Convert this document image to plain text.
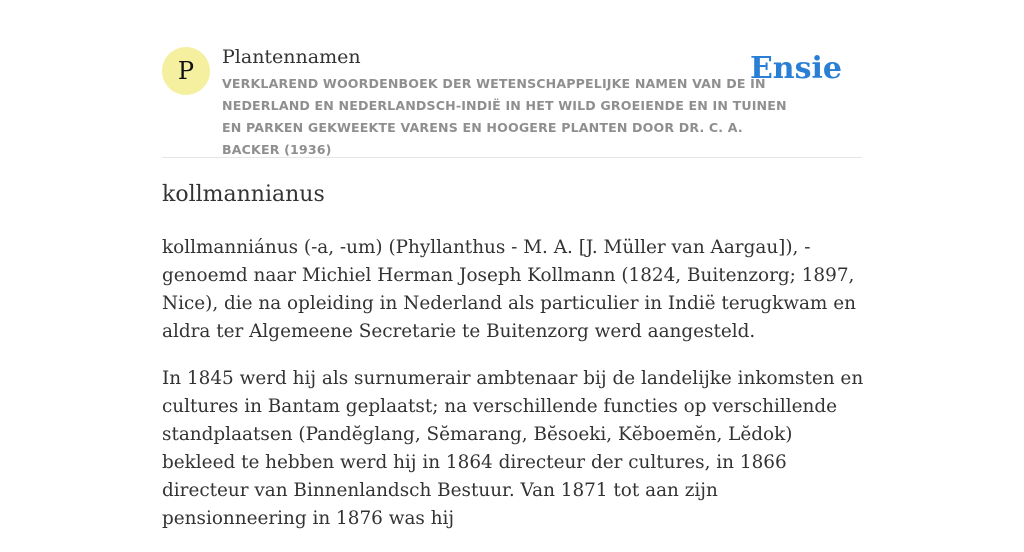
P	Plantennamen
VERKLAREND WOORDENBOEK DER WETENSCHAPPELIJKE NAMEN VAN DE IN NEDERLAND EN NEDERLANDSCH-INDIË IN HET WILD GROEIENDE EN IN TUINEN EN PARKEN GEKWEEKTE VARENS EN HOOGERE PLANTEN DOOR DR. C. A. BACKER (1936)
Ensie
kollmannianus

kollmanniánus (-a, -um) (Phyllanthus - M. A. [J. Müller van Aargau]), - genoemd naar Michiel Herman Joseph Kollmann (1824, Buitenzorg; 1897, Nice), die na opleiding in Nederland als particulier in Indië terugkwam en aldra ter Algemeene Secretarie te Buitenzorg werd aangesteld.

In 1845 werd hij als surnumerair ambtenaar bij de landelijke inkomsten en cultures in Bantam geplaatst; na verschillende functies op verschillende standplaatsen (Pandĕglang, Sĕmarang, Bĕsoeki, Kĕboemĕn, Lĕdok) bekleed te hebben werd hij in 1864 directeur der cultures, in 1866 directeur van Binnenlandsch Bestuur. Van 1871 tot aan zijn pensionneering in 1876 was hij
